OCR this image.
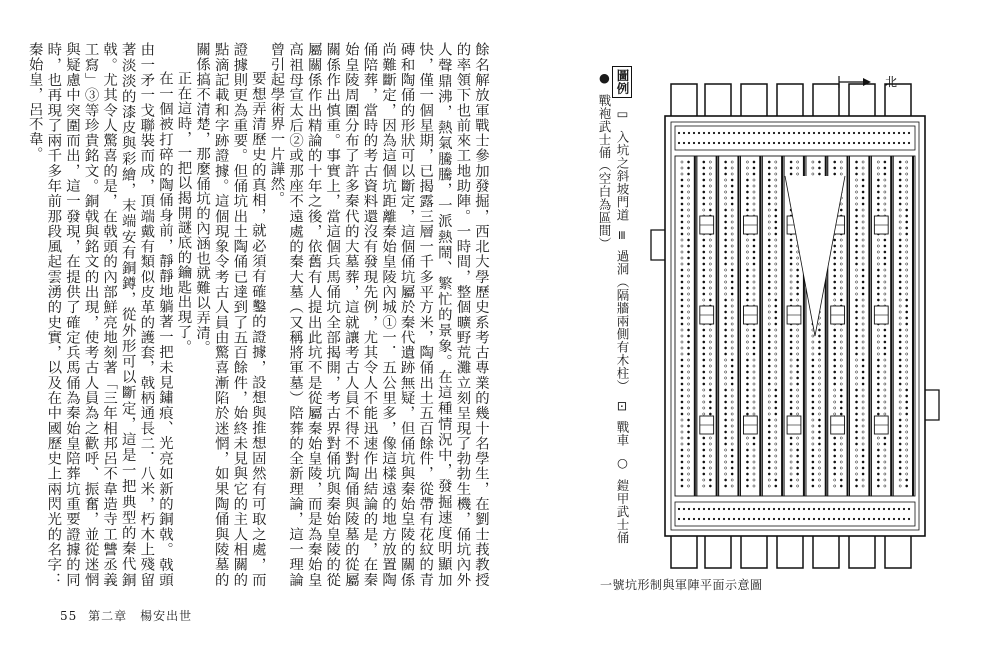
餘名解放軍戰士參加發掘，西北大學歷史系考古專業的幾十名學生，在劉士莪教授的率領下也前來工地助陣。一時間，整個曠野荒灘立刻呈現了勃勃生機，俑坑內外人聲鼎沸，熱氣騰騰，一派熱鬧、繁忙的景象。在這種情況中，發掘速度明顯加快，僅一個星期，已揭露三層一千多平方米，陶俑出土五百餘件，從帶有花紋的青磚和陶俑的形狀可以斷定，這個俑坑屬於秦代遺跡無疑，但俑坑與秦始皇陵的關係尚難斷定，因為這個坑距離秦始皇陵內城①一．五公里多，像這樣遠的地方放置陶俑陪葬，當時的考古資料還沒有發現先例，尤其令人不能迅速作出結論的是，在秦始皇陵周圍分布了許多秦代的大墓葬，這就讓考古人員不得不對陶俑與陵墓的從屬關係作出慎重。事實上，當這個兵馬俑坑全部揭開，考古界對俑坑與秦始皇陵的從屬關係作出精論的十年之後，依舊有人提出此坑不是從屬秦始皇陵，而是為秦始皇高祖母宣太后②或那座不遠處的秦大墓（又稱將軍墓）陪葬的全新理論，這一理論曾引起學術界一片譁然。

要想弄清歷史的真相，就必須有確鑿的證據，設想與推想固然有可取之處，而證據則更為重要。但俑坑出土陶俑已達到了五百餘件，始終未見與它的主人相關的點滴記載和字跡證據。這個現象令考古人員由驚喜漸陷於迷惘，如果陶俑與陵墓的關係搞不清楚，那麼俑坑的內涵也就難以弄清。

正在這時，一把以揭開謎底的鑰匙出現了。

在一個被打碎的陶俑身前，靜靜地躺著一把未見鏽痕、光亮如新的銅戟。戟頭由一矛一戈聯裝而成，頂端戴有類似皮革的護套，戟柄通長二．八米，朽木上殘留著淡淡的漆皮與彩繪，末端安有銅鐏，從外形可以斷定，這是一把典型的秦代銅戟。尤其令人驚喜的是，在戟頭的內部鮮亮地刻著「三年相邦呂不韋造寺工讐丞義工寫」③等珍貴銘文。銅戟與銘文的出現，使考古人員為之歡呼、振奮，並從迷惘與疑慮中突圍而出，這一發現，在提供了確定兵馬俑為秦始皇陪葬坑重要證據的同時，也再現了兩千多年前那段風起雲湧的史實，以及在中國歷史上兩閃光的名字：秦始皇，呂不韋。

55 第二章　楊安出世
圖例 ▭ 入坑之斜坡門道 ≡ 過洞（隔牆兩側有木柱） ⊡ 戰車 ○ 鎧甲武士俑 ● 戰袍武士俑（空白為區間）
北
一號坑形制與軍陣平面示意圖
